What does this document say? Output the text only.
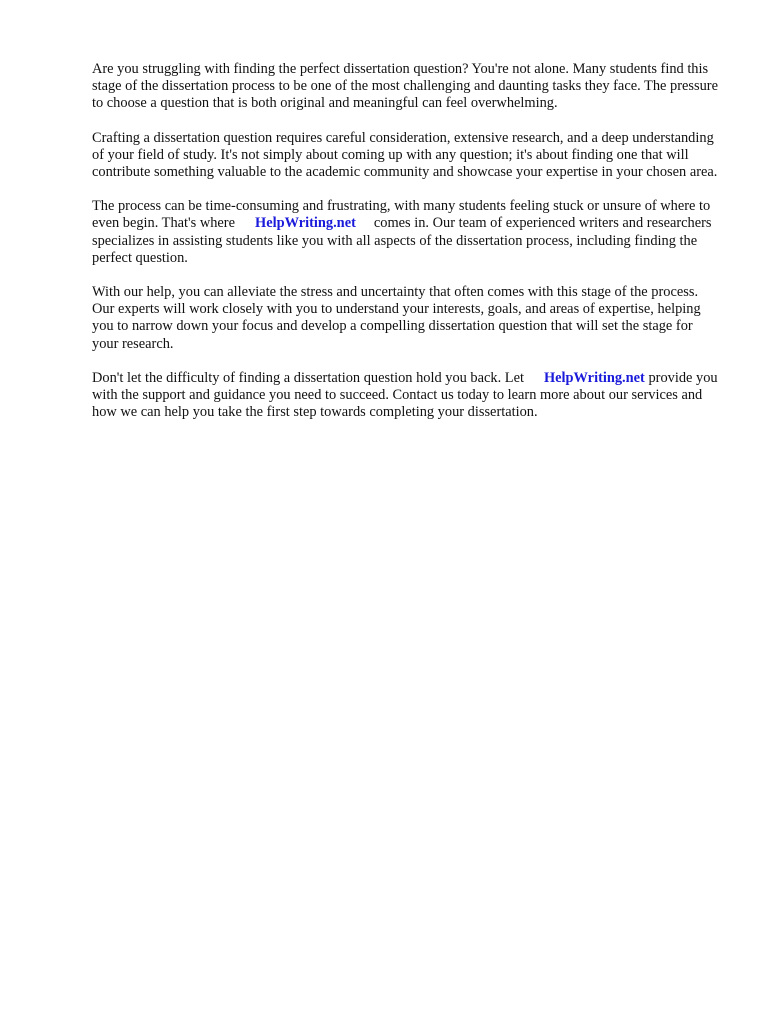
Are you struggling with finding the perfect dissertation question? You're not alone. Many students find this stage of the dissertation process to be one of the most challenging and daunting tasks they face. The pressure to choose a question that is both original and meaningful can feel overwhelming.

Crafting a dissertation question requires careful consideration, extensive research, and a deep understanding of your field of study. It's not simply about coming up with any question; it's about finding one that will contribute something valuable to the academic community and showcase your expertise in your chosen area.

The process can be time-consuming and frustrating, with many students feeling stuck or unsure of where to even begin. That's where HelpWriting.net comes in. Our team of experienced writers and researchers specializes in assisting students like you with all aspects of the dissertation process, including finding the perfect question.

With our help, you can alleviate the stress and uncertainty that often comes with this stage of the process. Our experts will work closely with you to understand your interests, goals, and areas of expertise, helping you to narrow down your focus and develop a compelling dissertation question that will set the stage for your research.

Don't let the difficulty of finding a dissertation question hold you back. Let HelpWriting.net provide you with the support and guidance you need to succeed. Contact us today to learn more about our services and how we can help you take the first step towards completing your dissertation.
